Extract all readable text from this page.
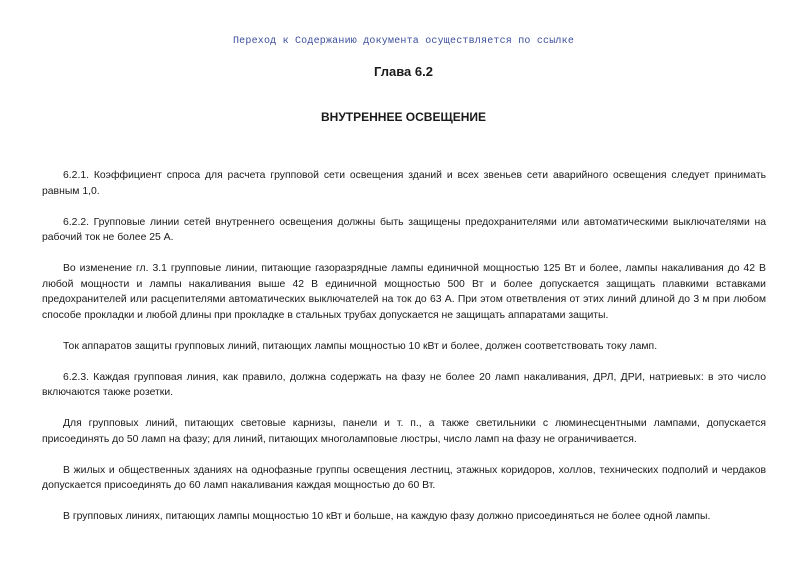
Переход к Содержанию документа осуществляется по ссылке
Глава 6.2
ВНУТРЕННЕЕ ОСВЕЩЕНИЕ

6.2.1. Коэффициент спроса для расчета групповой сети освещения зданий и всех звеньев сети аварийного освещения следует принимать равным 1,0.

6.2.2. Групповые линии сетей внутреннего освещения должны быть защищены предохранителями или автоматическими выключателями на рабочий ток не более 25 А.

Во изменение гл. 3.1 групповые линии, питающие газоразрядные лампы единичной мощностью 125 Вт и более, лампы накаливания до 42 В любой мощности и лампы накаливания выше 42 В единичной мощностью 500 Вт и более допускается защищать плавкими вставками предохранителей или расцепителями автоматических выключателей на ток до 63 А. При этом ответвления от этих линий длиной до 3 м при любом способе прокладки и любой длины при прокладке в стальных трубах допускается не защищать аппаратами защиты.

Ток аппаратов защиты групповых линий, питающих лампы мощностью 10 кВт и более, должен соответствовать току ламп.

6.2.3. Каждая групповая линия, как правило, должна содержать на фазу не более 20 ламп накаливания, ДРЛ, ДРИ, натриевых: в это число включаются также розетки.

Для групповых линий, питающих световые карнизы, панели и т. п., а также светильники с люминесцентными лампами, допускается присоединять до 50 ламп на фазу; для линий, питающих многоламповые люстры, число ламп на фазу не ограничивается.

В жилых и общественных зданиях на однофазные группы освещения лестниц, этажных коридоров, холлов, технических подполий и чердаков допускается присоединять до 60 ламп накаливания каждая мощностью до 60 Вт.

В групповых линиях, питающих лампы мощностью 10 кВт и больше, на каждую фазу должно присоединяться не более одной лампы.
